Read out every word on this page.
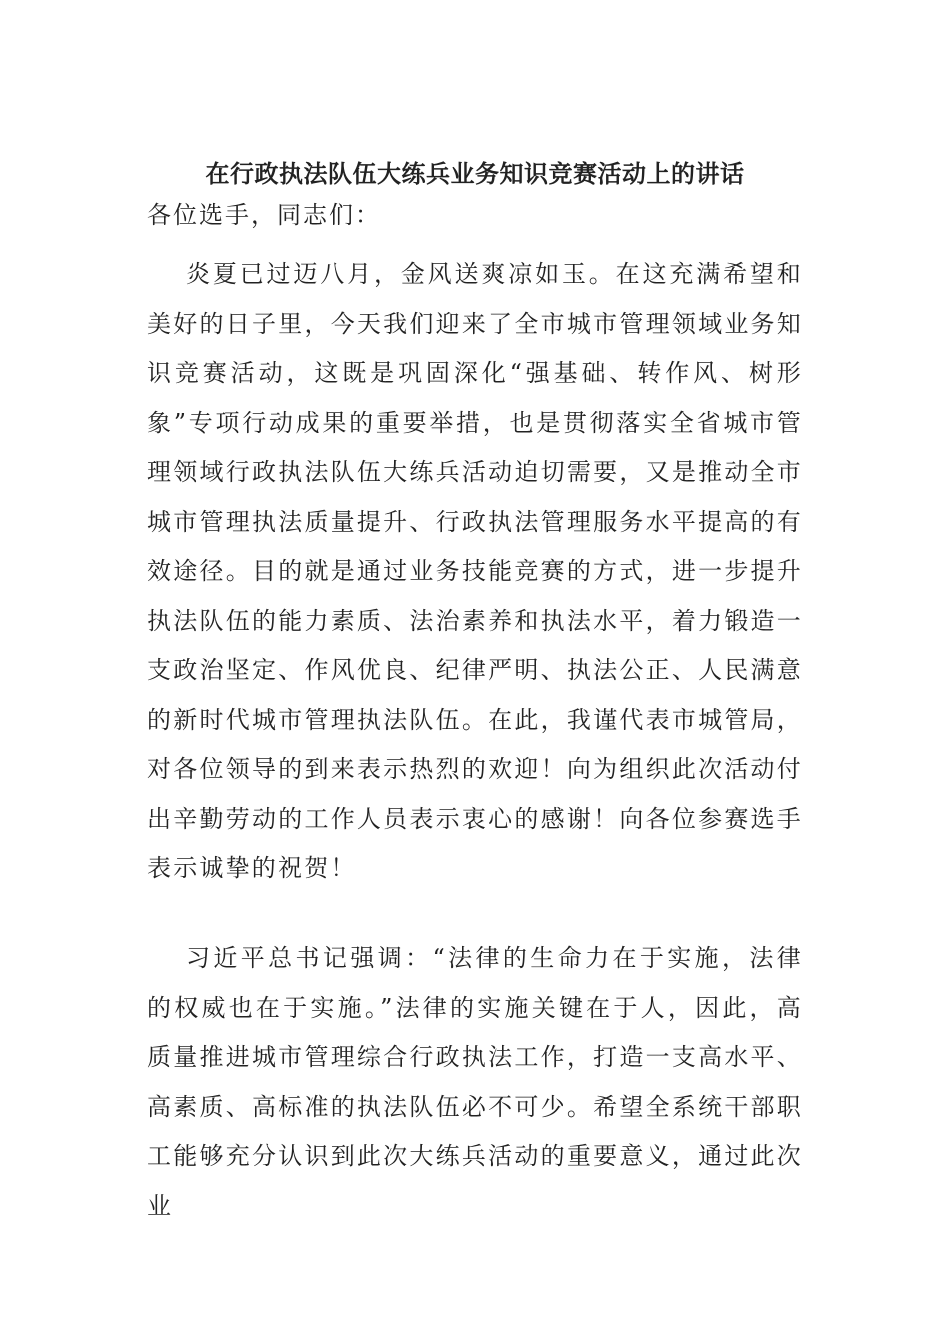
在行政执法队伍大练兵业务知识竞赛活动上的讲话
各位选手，同志们：

炎夏已过迈八月，金风送爽凉如玉。在这充满希望和美好的日子里，今天我们迎来了全市城市管理领域业务知识竞赛活动，这既是巩固深化“强基础、转作风、树形象”专项行动成果的重要举措，也是贯彻落实全省城市管理领域行政执法队伍大练兵活动迫切需要，又是推动全市城市管理执法质量提升、行政执法管理服务水平提高的有效途径。目的就是通过业务技能竞赛的方式，进一步提升执法队伍的能力素质、法治素养和执法水平，着力锻造一支政治坚定、作风优良、纪律严明、执法公正、人民满意的新时代城市管理执法队伍。在此，我谨代表市城管局，对各位领导的到来表示热烈的欢迎！向为组织此次活动付出辛勤劳动的工作人员表示衷心的感谢！向各位参赛选手表示诚挚的祝贺！

习近平总书记强调：“法律的生命力在于实施，法律的权威也在于实施。”法律的实施关键在于人，因此，高质量推进城市管理综合行政执法工作，打造一支高水平、高素质、高标准的执法队伍必不可少。希望全系统干部职工能够充分认识到此次大练兵活动的重要意义，通过此次业
